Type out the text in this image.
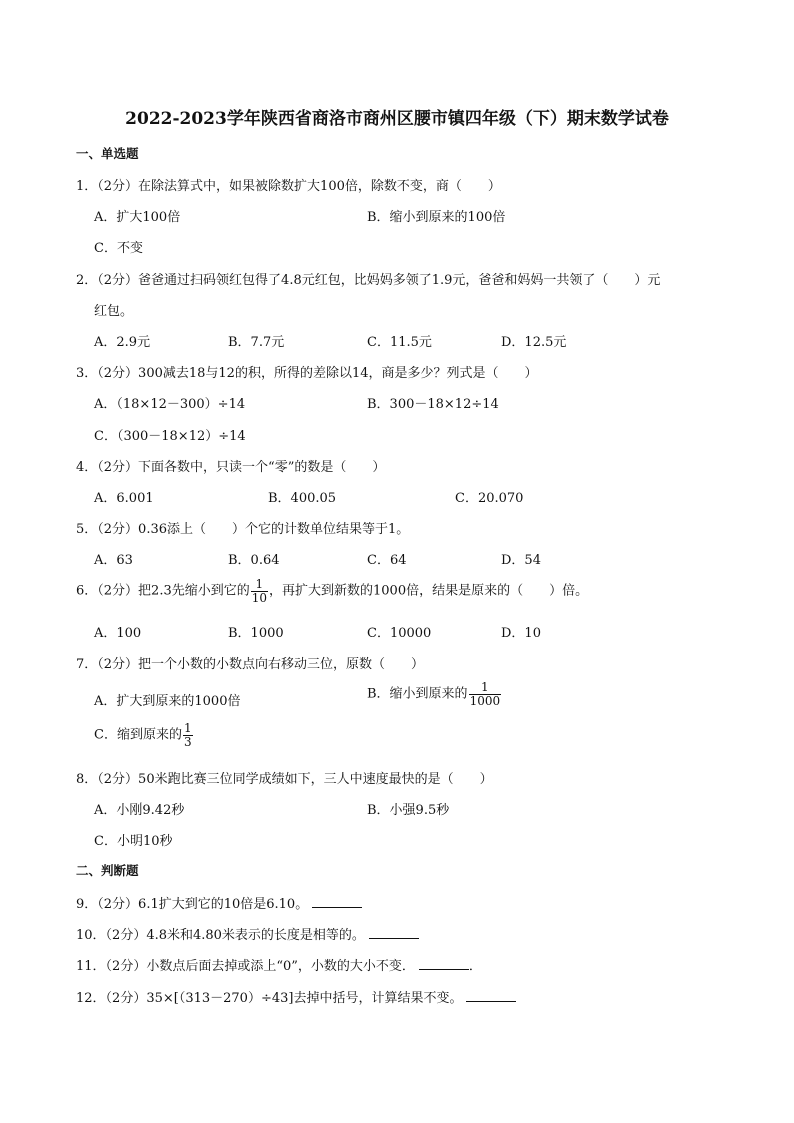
2022-2023学年陕西省商洛市商州区腰市镇四年级（下）期末数学试卷
一、单选题
1．（2分）在除法算式中，如果被除数扩大100倍，除数不变，商（　　）
A．扩大100倍	B．缩小到原来的100倍
C．不变
2．（2分）爸爸通过扫码领红包得了4.8元红包，比妈妈多领了1.9元，爸爸和妈妈一共领了（　　）元
红包。
A．2.9元	B．7.7元	C．11.5元	D．12.5元
3．（2分）300减去18与12的积，所得的差除以14，商是多少？列式是（　　）
A．（18×12－300）÷14	B．300－18×12÷14
C．（300－18×12）÷14
4．（2分）下面各数中，只读一个“零”的数是（　　）
A．6.001	B．400.05	C．20.070
5．（2分）0.36添上（　　）个它的计数单位结果等于1。
A．63	B．0.64	C．64	D．54
6．（2分）把2.3先缩小到它的 $\frac{1}{10}$ ，再扩大到新数的1000倍，结果是原来的（　　）倍。
A．100	B．1000	C．10000	D．10
7．（2分）把一个小数的小数点向右移动三位，原数（　　）
A．扩大到原来的1000倍	B．缩小到原来的 $\frac{1}{1000}$
C．缩到原来的 $\frac{1}{3}$
8．（2分）50米跑比赛三位同学成绩如下，三人中速度最快的是（　　）
A．小刚9.42秒	B．小强9.5秒
C．小明10秒
二、判断题
9．（2分）6.1扩大到它的10倍是6.10。
10．（2分）4.8米和4.80米表示的长度是相等的。
11．（2分）小数点后面去掉或添上“0”，小数的大小不变．	．
12．（2分）35×[（313－270）÷43]去掉中括号，计算结果不变。
